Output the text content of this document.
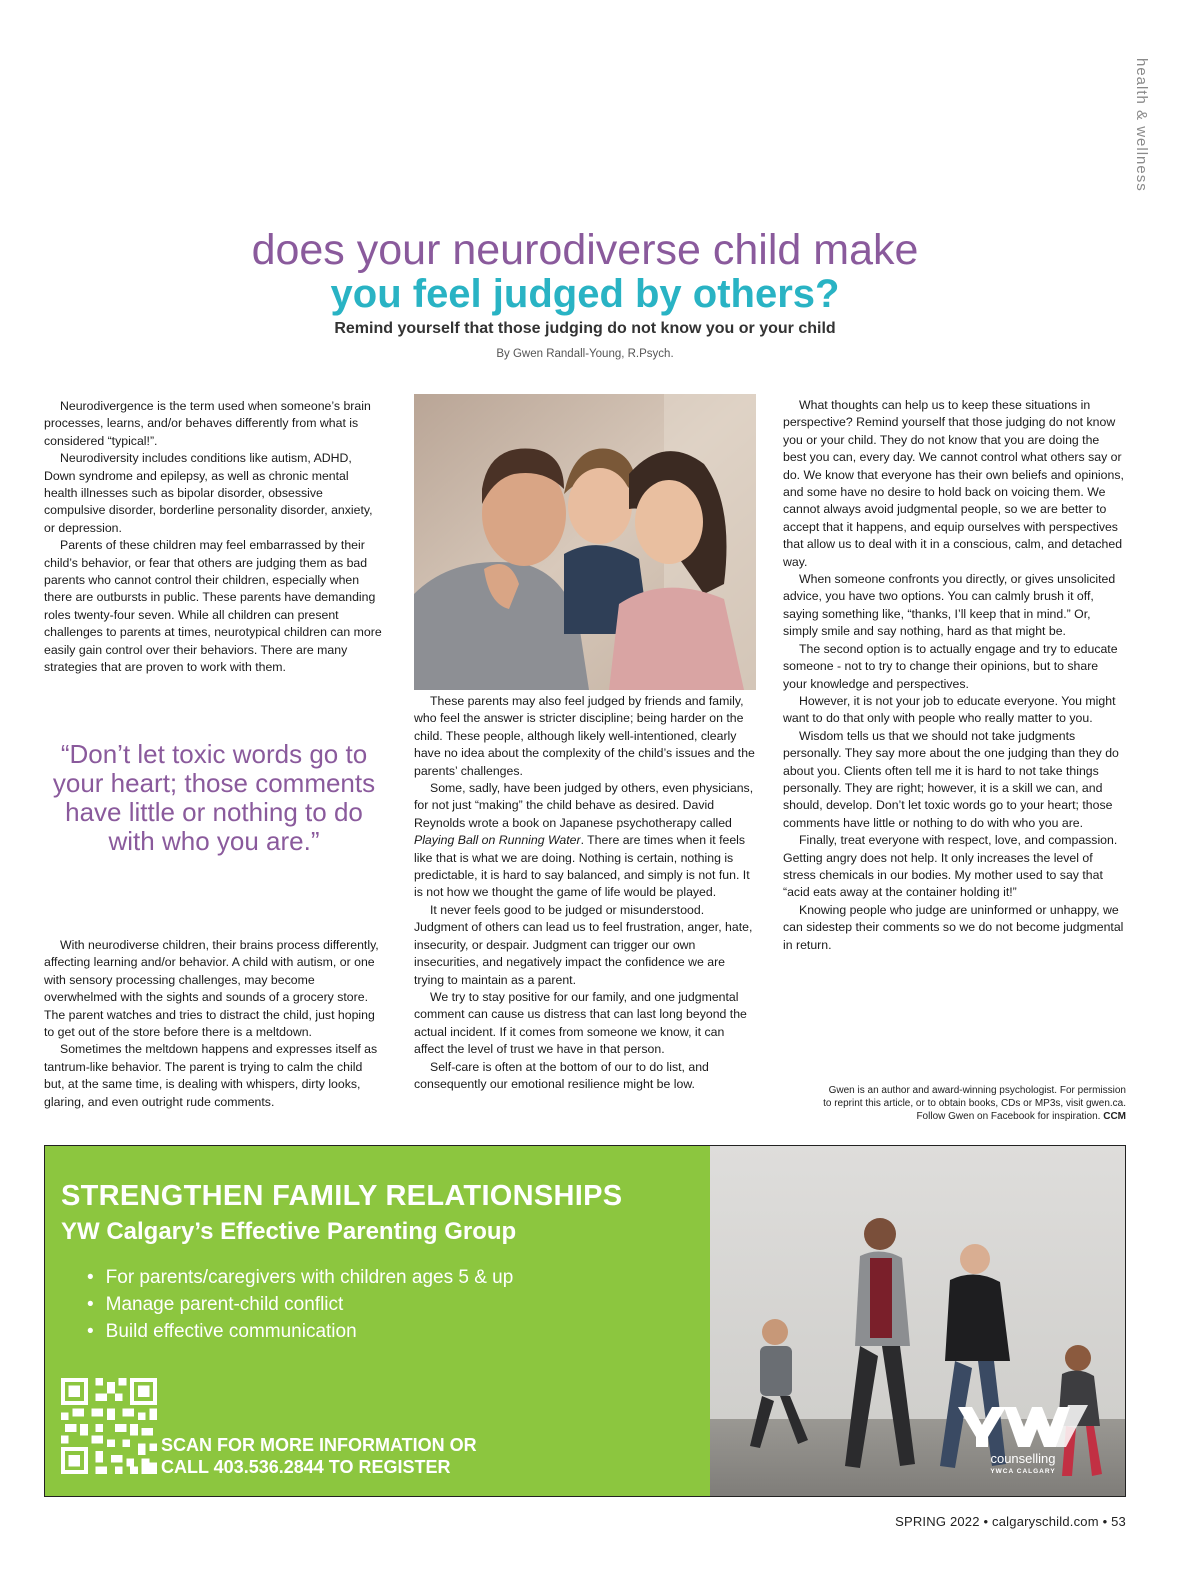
health & wellness
does your neurodiverse child make
you feel judged by others?
Remind yourself that those judging do not know you or your child
By Gwen Randall-Young, R.Psych.

Neurodivergence is the term used when someone’s brain processes, learns, and/or behaves differently from what is considered “typical!”.

Neurodiversity includes conditions like autism, ADHD, Down syndrome and epilepsy, as well as chronic mental health illnesses such as bipolar disorder, obsessive compulsive disorder, borderline personality disorder, anxiety, or depression.

Parents of these children may feel embarrassed by their child’s behavior, or fear that others are judging them as bad parents who cannot control their children, especially when there are outbursts in public. These parents have demanding roles twenty-four seven. While all children can present challenges to parents at times, neurotypical children can more easily gain control over their behaviors. There are many strategies that are proven to work with them.

“Don’t let toxic words go to your heart; those comments have little or nothing to do with who you are.”

With neurodiverse children, their brains process differently, affecting learning and/or behavior. A child with autism, or one with sensory processing challenges, may become overwhelmed with the sights and sounds of a grocery store. The parent watches and tries to distract the child, just hoping to get out of the store before there is a meltdown.

Sometimes the meltdown happens and expresses itself as tantrum-like behavior. The parent is trying to calm the child but, at the same time, is dealing with whispers, dirty looks, glaring, and even outright rude comments.

These parents may also feel judged by friends and family, who feel the answer is stricter discipline; being harder on the child. These people, although likely well-intentioned, clearly have no idea about the complexity of the child’s issues and the parents’ challenges.

Some, sadly, have been judged by others, even physicians, for not just “making” the child behave as desired. David Reynolds wrote a book on Japanese psychotherapy called Playing Ball on Running Water. There are times when it feels like that is what we are doing. Nothing is certain, nothing is predictable, it is hard to say balanced, and simply is not fun. It is not how we thought the game of life would be played.

It never feels good to be judged or misunderstood. Judgment of others can lead us to feel frustration, anger, hate, insecurity, or despair. Judgment can trigger our own insecurities, and negatively impact the confidence we are trying to maintain as a parent.

We try to stay positive for our family, and one judgmental comment can cause us distress that can last long beyond the actual incident. If it comes from someone we know, it can affect the level of trust we have in that person.

Self-care is often at the bottom of our to do list, and consequently our emotional resilience might be low.

What thoughts can help us to keep these situations in perspective? Remind yourself that those judging do not know you or your child. They do not know that you are doing the best you can, every day. We cannot control what others say or do. We know that everyone has their own beliefs and opinions, and some have no desire to hold back on voicing them. We cannot always avoid judgmental people, so we are better to accept that it happens, and equip ourselves with perspectives that allow us to deal with it in a conscious, calm, and detached way.

When someone confronts you directly, or gives unsolicited advice, you have two options. You can calmly brush it off, saying something like, “thanks, I’ll keep that in mind.” Or, simply smile and say nothing, hard as that might be.

The second option is to actually engage and try to educate someone - not to try to change their opinions, but to share your knowledge and perspectives.

However, it is not your job to educate everyone. You might want to do that only with people who really matter to you.

Wisdom tells us that we should not take judgments personally. They say more about the one judging than they do about you. Clients often tell me it is hard to not take things personally. They are right; however, it is a skill we can, and should, develop. Don’t let toxic words go to your heart; those comments have little or nothing to do with who you are.

Finally, treat everyone with respect, love, and compassion. Getting angry does not help. It only increases the level of stress chemicals in our bodies. My mother used to say that “acid eats away at the container holding it!”

Knowing people who judge are uninformed or unhappy, we can sidestep their comments so we do not become judgmental in return.

Gwen is an author and award-winning psychologist. For permission
to reprint this article, or to obtain books, CDs or MP3s, visit gwen.ca.
Follow Gwen on Facebook for inspiration. CCM
STRENGTHEN FAMILY RELATIONSHIPS
YW Calgary’s Effective Parenting Group
• For parents/caregivers with children ages 5 & up
• Manage parent-child conflict
• Build effective communication
SCAN FOR MORE INFORMATION OR
CALL 403.536.2844 TO REGISTER	counselling
YWCA CALGARY
SPRING 2022 • calgaryschild.com • 53
